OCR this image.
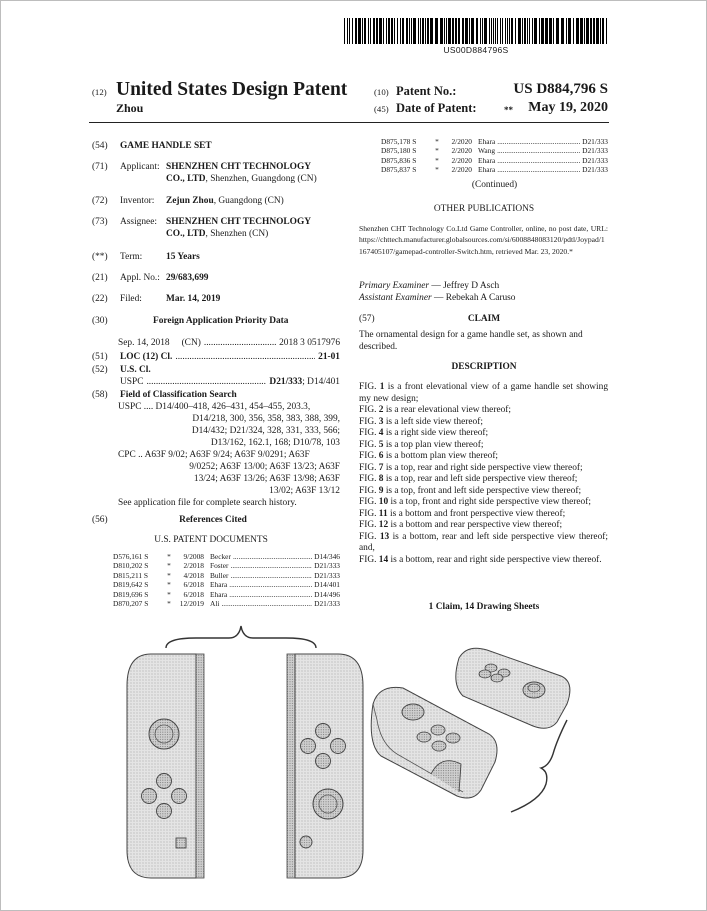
US00D884796S
(12) United States Design Patent
Zhou
(10) Patent No.:	US D884,796 S
(45) Date of Patent:	**	May 19, 2020
(54) GAME HANDLE SET
(71) Applicant: SHENZHEN CHT TECHNOLOGY
CO., LTD, Shenzhen, Guangdong (CN)
(72) Inventor: Zejun Zhou, Guangdong (CN)
(73) Assignee: SHENZHEN CHT TECHNOLOGY
CO., LTD, Shenzhen (CN)
(**) Term:	15 Years
(21) Appl. No.: 29/683,699
(22) Filed:	Mar. 14, 2019
(30)	Foreign Application Priority Data
Sep. 14, 2018 (CN) .....	2018 3 0517976
(51) LOC (12) Cl. .....	21-01
(52) U.S. Cl.
USPC .....	D21/333 ; D14/401
(58) Field of Classification Search
USPC .... D14/400–418, 426–431, 454–455, 203.3,
D14/218, 300, 356, 358, 383, 388, 399,
D14/432; D21/324, 328, 331, 333, 566;
D13/162, 162.1, 168; D10/78, 103
CPC .. A63F 9/02; A63F 9/24; A63F 9/0291; A63F
9/0252; A63F 13/00; A63F 13/23; A63F
13/24; A63F 13/26; A63F 13/98; A63F
13/02; A63F 13/12
See application file for complete search history.
(56)	References Cited
U.S. PATENT DOCUMENTS
D576,161 S	*	9/2008 Becker .....	D14/346
D810,202 S	*	2/2018 Foster .....	D21/333
D815,211 S	*	4/2018 Buller .....	D21/333
D819,642 S	*	6/2018 Ehara .....	D14/401
D819,696 S	*	6/2018 Ehara .....	D14/496
D870,207 S	*	12/2019 Ali .....	D21/333
D875,178 S	*	2/2020 Ehara .....	D21/333
D875,180 S	*	2/2020 Wang .....	D21/333
D875,836 S	*	2/2020 Ehara .....	D21/333
D875,837 S	*	2/2020 Ehara .....	D21/333
(Continued)
OTHER PUBLICATIONS
Shenzhen CHT Technology Co.Ltd Game Controller, online, no post date, URL: https://chttech.manufacturer.globalsources.com/si/6008848083120/pdtl/Joypad/1167405107/gamepad-controller-Switch.htm, retrieved Mar. 23, 2020.*
Primary Examiner — Jeffrey D Asch
Assistant Examiner — Rebekah A Caruso
(57)	CLAIM
The ornamental design for a game handle set, as shown and described.
DESCRIPTION
FIG. 1 is a front elevational view of a game handle set showing my new design;
FIG. 2 is a rear elevational view thereof;
FIG. 3 is a left side view thereof;
FIG. 4 is a right side view thereof;
FIG. 5 is a top plan view thereof;
FIG. 6 is a bottom plan view thereof;
FIG. 7 is a top, rear and right side perspective view thereof;
FIG. 8 is a top, rear and left side perspective view thereof;
FIG. 9 is a top, front and left side perspective view thereof;
FIG. 10 is a top, front and right side perspective view thereof;
FIG. 11 is a bottom and front perspective view thereof;
FIG. 12 is a bottom and rear perspective view thereof;
FIG. 13 is a bottom, rear and left side perspective view thereof; and,
FIG. 14 is a bottom, rear and right side perspective view thereof.
1 Claim, 14 Drawing Sheets
